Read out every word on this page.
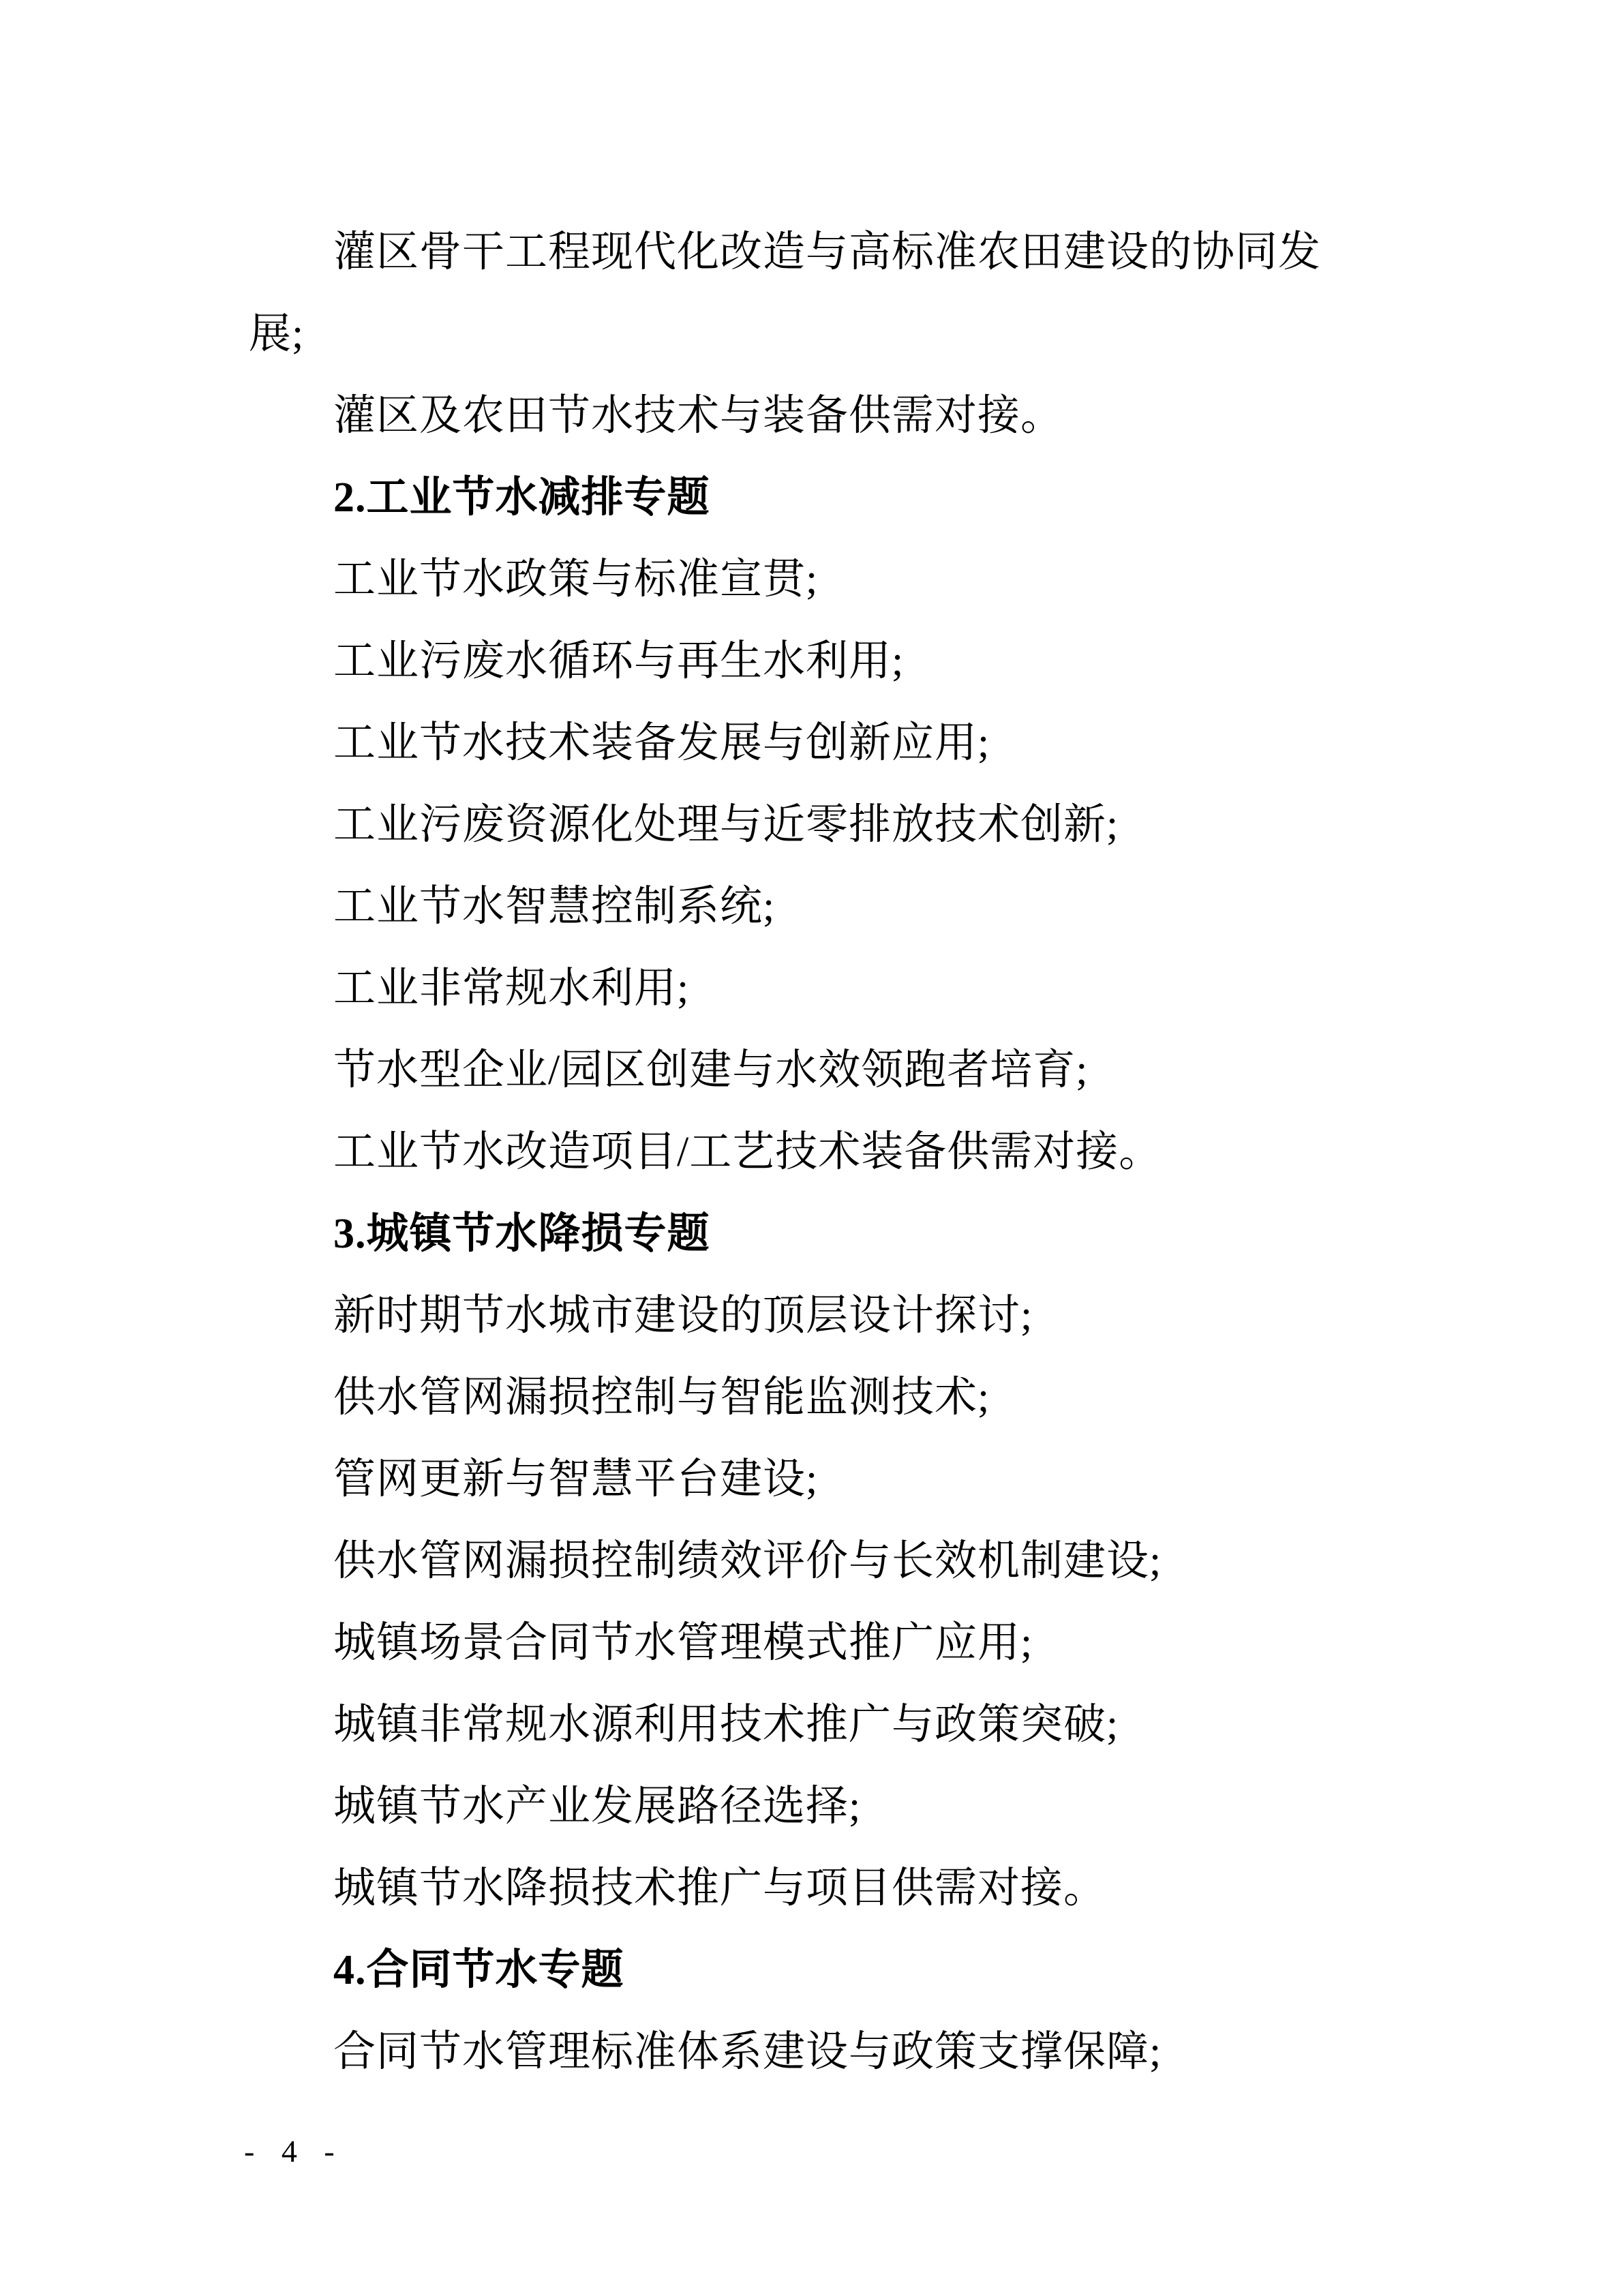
灌区骨干工程现代化改造与高标准农田建设的协同发
展;
灌区及农田节水技术与装备供需对接。
2.工业节水减排专题
工业节水政策与标准宣贯;
工业污废水循环与再生水利用;
工业节水技术装备发展与创新应用;
工业污废资源化处理与近零排放技术创新;
工业节水智慧控制系统;
工业非常规水利用;
节水型企业/园区创建与水效领跑者培育;
工业节水改造项目/工艺技术装备供需对接。
3.城镇节水降损专题
新时期节水城市建设的顶层设计探讨;
供水管网漏损控制与智能监测技术;
管网更新与智慧平台建设;
供水管网漏损控制绩效评价与长效机制建设;
城镇场景合同节水管理模式推广应用;
城镇非常规水源利用技术推广与政策突破;
城镇节水产业发展路径选择;
城镇节水降损技术推广与项目供需对接。
4.合同节水专题
合同节水管理标准体系建设与政策支撑保障;
- 4 -
